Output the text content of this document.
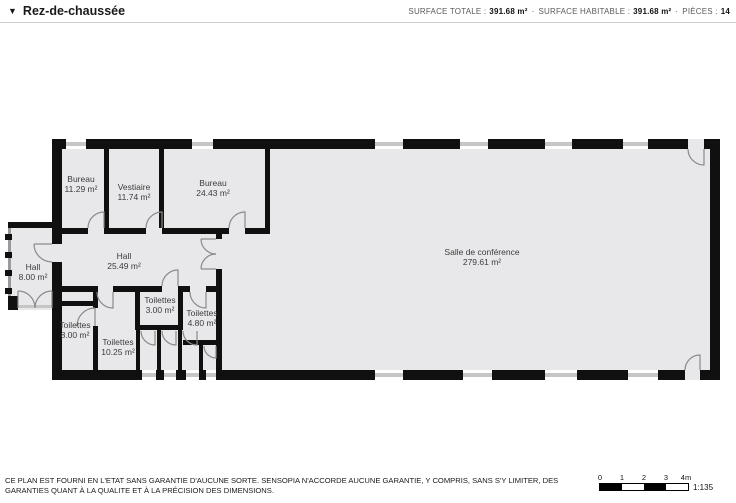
▼ Rez-de-chaussée	SURFACE TOTALE : 391.68 m² · SURFACE HABITABLE : 391.68 m² · PIÈCES : 14
Bureau
11.29 m² Vestiaire
11.74 m²
Bureau
24.43 m²
Hall
8.00 m²
Hall
25.49 m²
Salle de conférence
279.61 m²
Toilettes
3.00 m² Toilettes
4.80 m²
Toilettes
8.00 m²
Toilettes
10.25 m²
CE PLAN EST FOURNI EN L'ETAT SANS GARANTIE D'AUCUNE SORTE. SENSOPIA N'ACCORDE AUCUNE GARANTIE, Y COMPRIS, SANS S'Y LIMITER, DES
GARANTIES QUANT À LA QUALITE ET À LA PRÉCISION DES DIMENSIONS.
0 1 2 3 4m
1:135
